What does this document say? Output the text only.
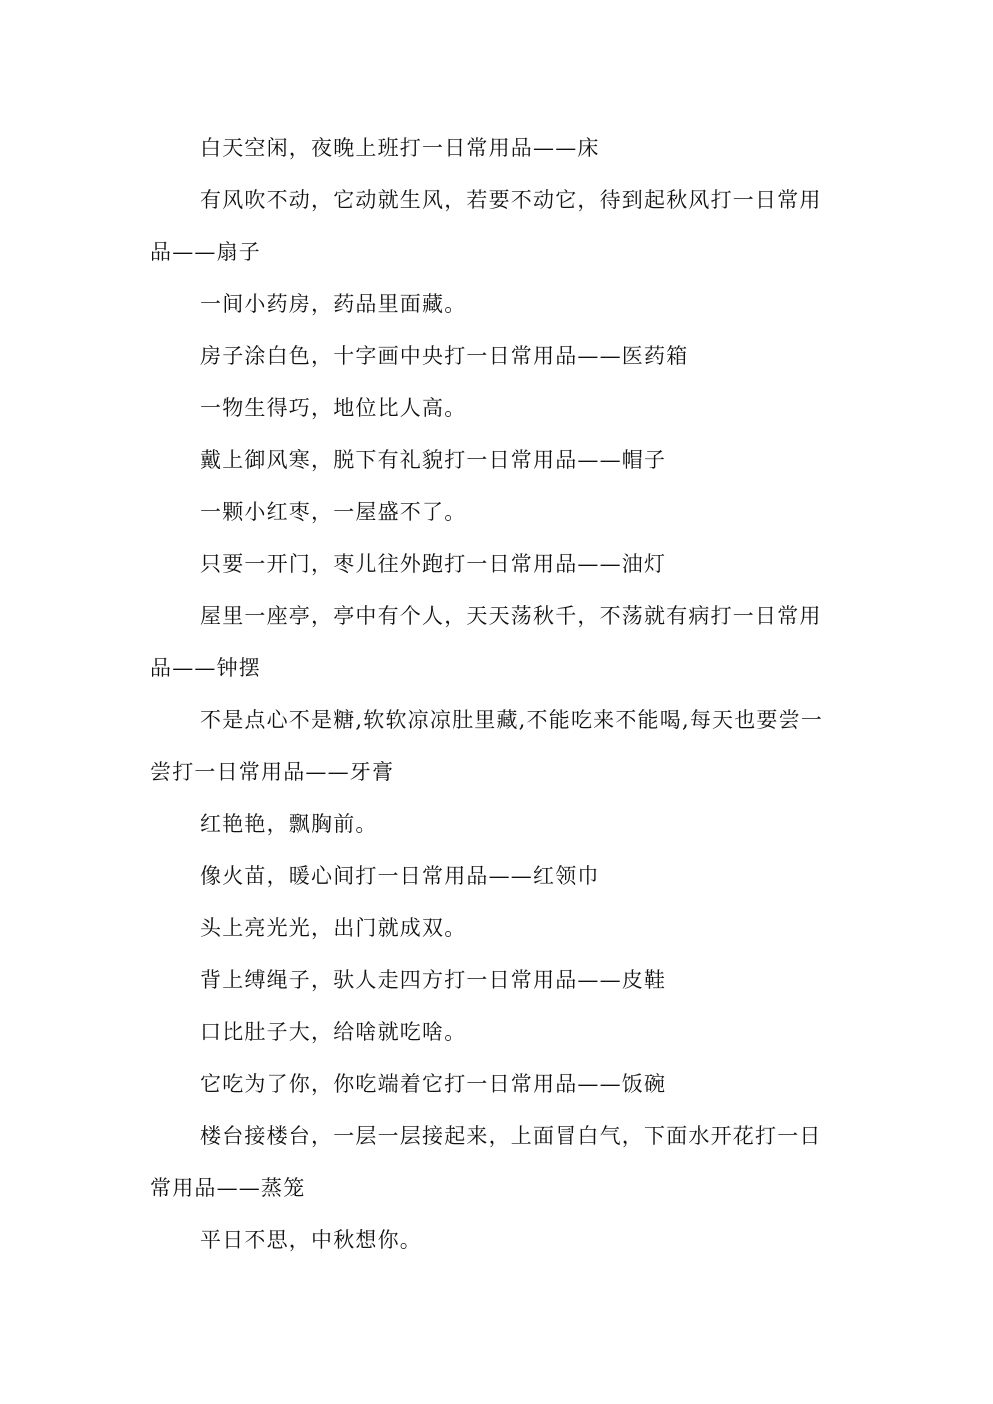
白天空闲，夜晚上班打一日常用品——床

有风吹不动，它动就生风，若要不动它，待到起秋风打一日常用品——扇子

一间小药房，药品里面藏。

房子涂白色，十字画中央打一日常用品——医药箱

一物生得巧，地位比人高。

戴上御风寒，脱下有礼貌打一日常用品——帽子

一颗小红枣，一屋盛不了。

只要一开门，枣儿往外跑打一日常用品——油灯

屋里一座亭，亭中有个人，天天荡秋千，不荡就有病打一日常用品——钟摆

不是点心不是糖,软软凉凉肚里藏,不能吃来不能喝,每天也要尝一尝打一日常用品——牙膏

红艳艳，飘胸前。

像火苗，暖心间打一日常用品——红领巾

头上亮光光，出门就成双。

背上缚绳子，驮人走四方打一日常用品——皮鞋

口比肚子大，给啥就吃啥。

它吃为了你，你吃端着它打一日常用品——饭碗

楼台接楼台，一层一层接起来，上面冒白气，下面水开花打一日常用品——蒸笼

平日不思，中秋想你。
